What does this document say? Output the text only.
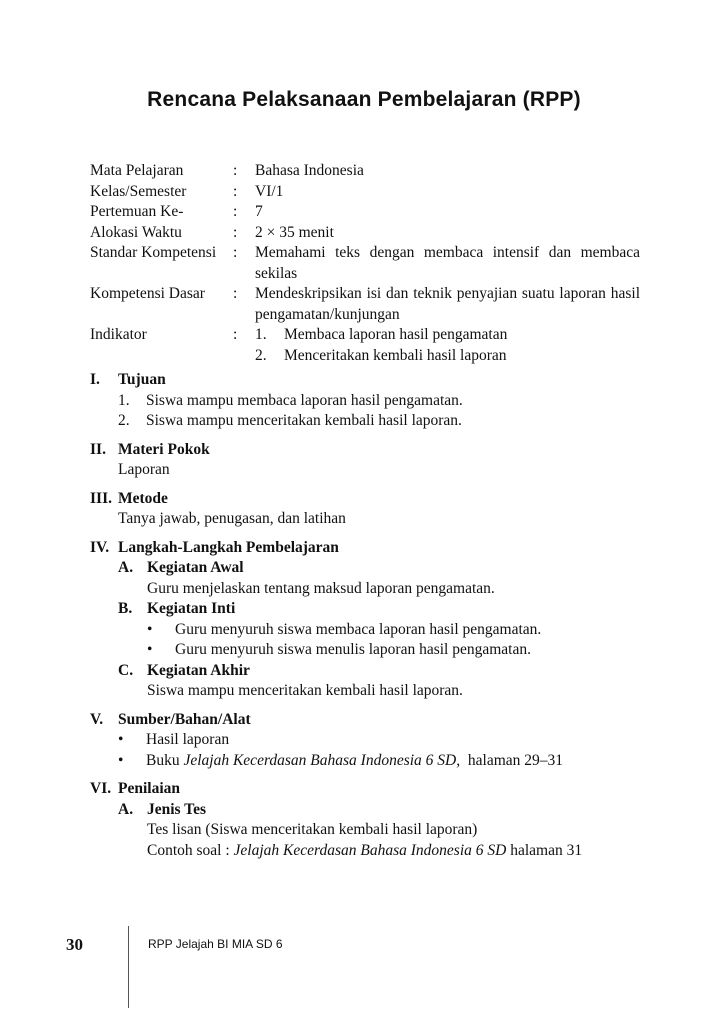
Rencana Pelaksanaan Pembelajaran (RPP)
Mata Pelajaran	:	Bahasa Indonesia
Kelas/Semester	:	VI/1
Pertemuan Ke-	:	7
Alokasi Waktu	:	2 × 35 menit
Standar Kompetensi	:	Memahami teks dengan membaca intensif dan membaca sekilas
Kompetensi Dasar	:	Mendeskripsikan isi dan teknik penyajian suatu laporan hasil pengamatan/kunjungan
Indikator	:	1.	Membaca laporan hasil pengamatan
2.	Menceritakan kembali hasil laporan
I.	Tujuan
1.	Siswa mampu membaca laporan hasil pengamatan.
2.	Siswa mampu menceritakan kembali hasil laporan.
II. Materi Pokok
Laporan
III. Metode
Tanya jawab, penugasan, dan latihan
IV. Langkah-Langkah Pembelajaran
A. Kegiatan Awal
Guru menjelaskan tentang maksud laporan pengamatan.
B. Kegiatan Inti
•	Guru menyuruh siswa membaca laporan hasil pengamatan.
•	Guru menyuruh siswa menulis laporan hasil pengamatan.
C. Kegiatan Akhir
Siswa mampu menceritakan kembali hasil laporan.
V. Sumber/Bahan/Alat
•	Hasil laporan
•	Buku Jelajah Kecerdasan Bahasa Indonesia 6 SD, halaman 29–31
VI. Penilaian
A. Jenis Tes
Tes lisan (Siswa menceritakan kembali hasil laporan)
Contoh soal : Jelajah Kecerdasan Bahasa Indonesia 6 SD halaman 31
30	RPP Jelajah BI MIA SD 6
